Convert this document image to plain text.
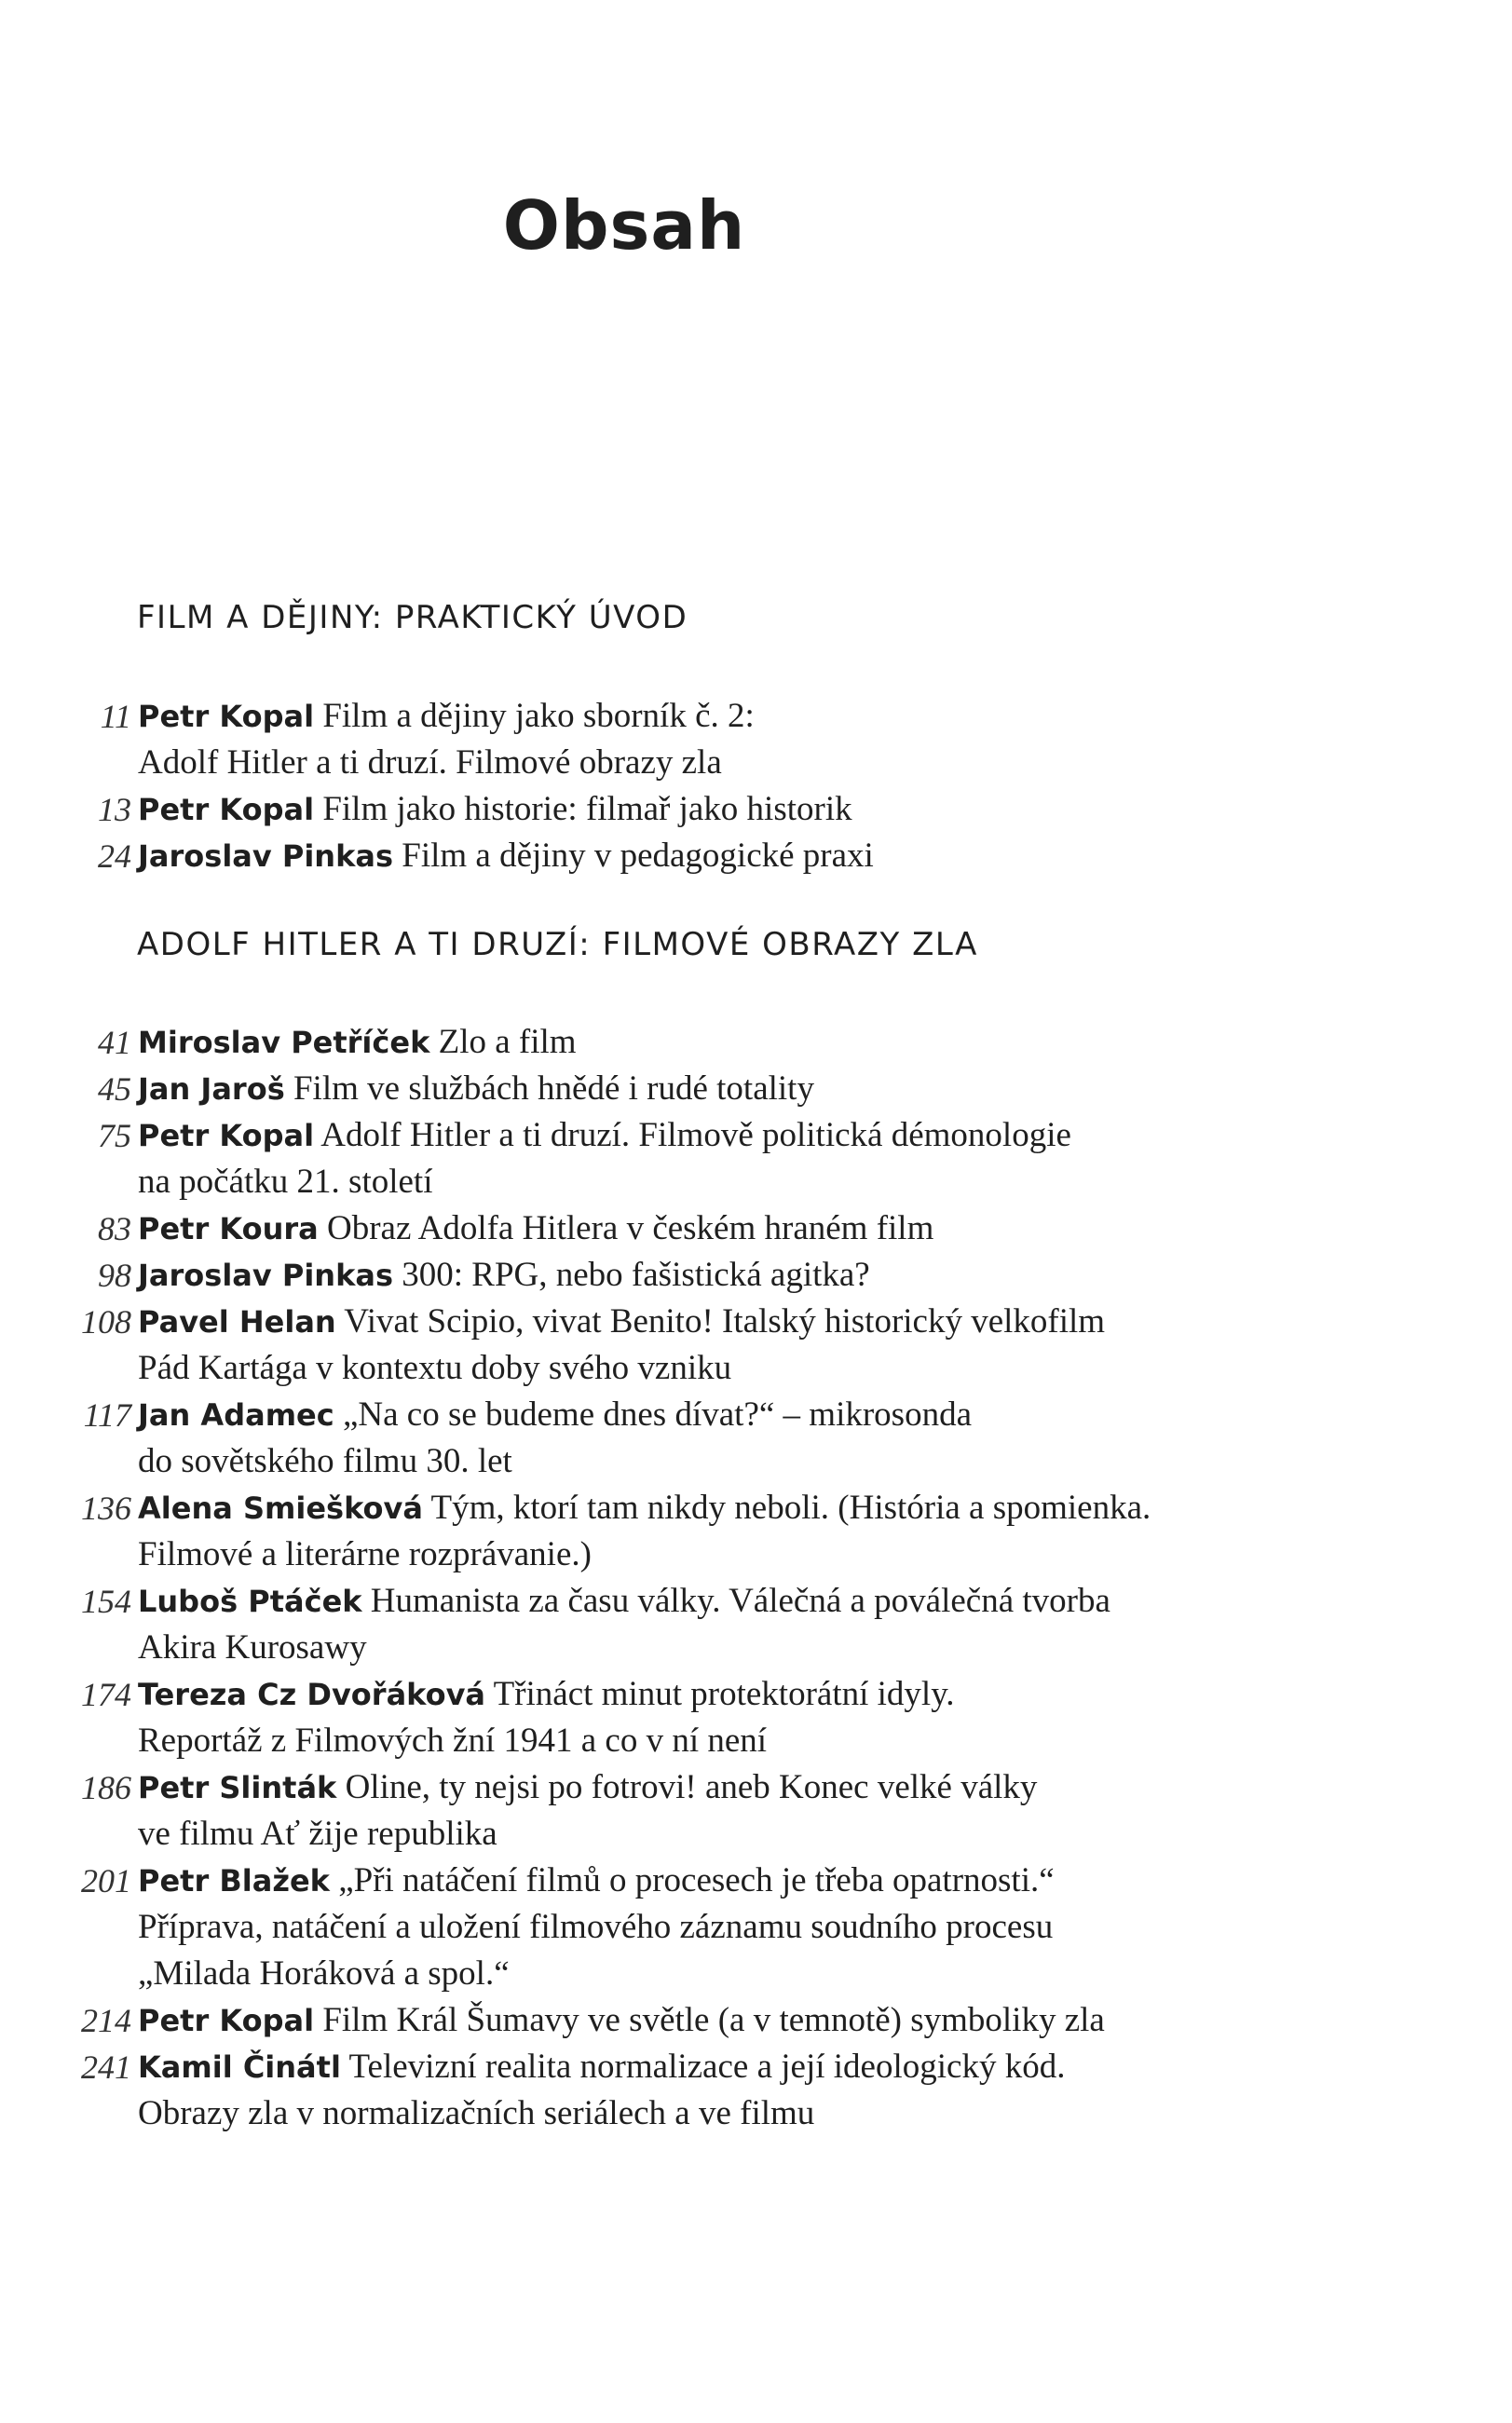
Obsah
FILM A DĚJINY: PRAKTICKÝ ÚVOD
11 Petr Kopal Film a dějiny jako sborník č. 2:
Adolf Hitler a ti druzí. Filmové obrazy zla
13 Petr Kopal Film jako historie: filmař jako historik
24 Jaroslav Pinkas Film a dějiny v pedagogické praxi
ADOLF HITLER A TI DRUZÍ: FILMOVÉ OBRAZY ZLA
41 Miroslav Petříček Zlo a film
45 Jan Jaroš Film ve službách hnědé i rudé totality
75 Petr Kopal Adolf Hitler a ti druzí. Filmově politická démonologie
na počátku 21. století
83 Petr Koura Obraz Adolfa Hitlera v českém hraném film
98 Jaroslav Pinkas 300: RPG, nebo fašistická agitka?
108 Pavel Helan Vivat Scipio, vivat Benito! Italský historický velkofilm
Pád Kartága v kontextu doby svého vzniku
117 Jan Adamec „Na co se budeme dnes dívat?“ – mikrosonda
do sovětského filmu 30. let
136 Alena Smiešková Tým, ktorí tam nikdy neboli. (História a spomienka.
Filmové a literárne rozprávanie.)
154 Luboš Ptáček Humanista za času války. Válečná a poválečná tvorba
Akira Kurosawy
174 Tereza Cz Dvořáková Třináct minut protektorátní idyly.
Reportáž z Filmových žní 1941 a co v ní není
186 Petr Slinták Oline, ty nejsi po fotrovi! aneb Konec velké války
ve filmu Ať žije republika
201 Petr Blažek „Při natáčení filmů o procesech je třeba opatrnosti.“
Příprava, natáčení a uložení filmového záznamu soudního procesu
„Milada Horáková a spol.“
214 Petr Kopal Film Král Šumavy ve světle (a v temnotě) symboliky zla
241 Kamil Činátl Televizní realita normalizace a její ideologický kód.
Obrazy zla v normalizačních seriálech a ve filmu
